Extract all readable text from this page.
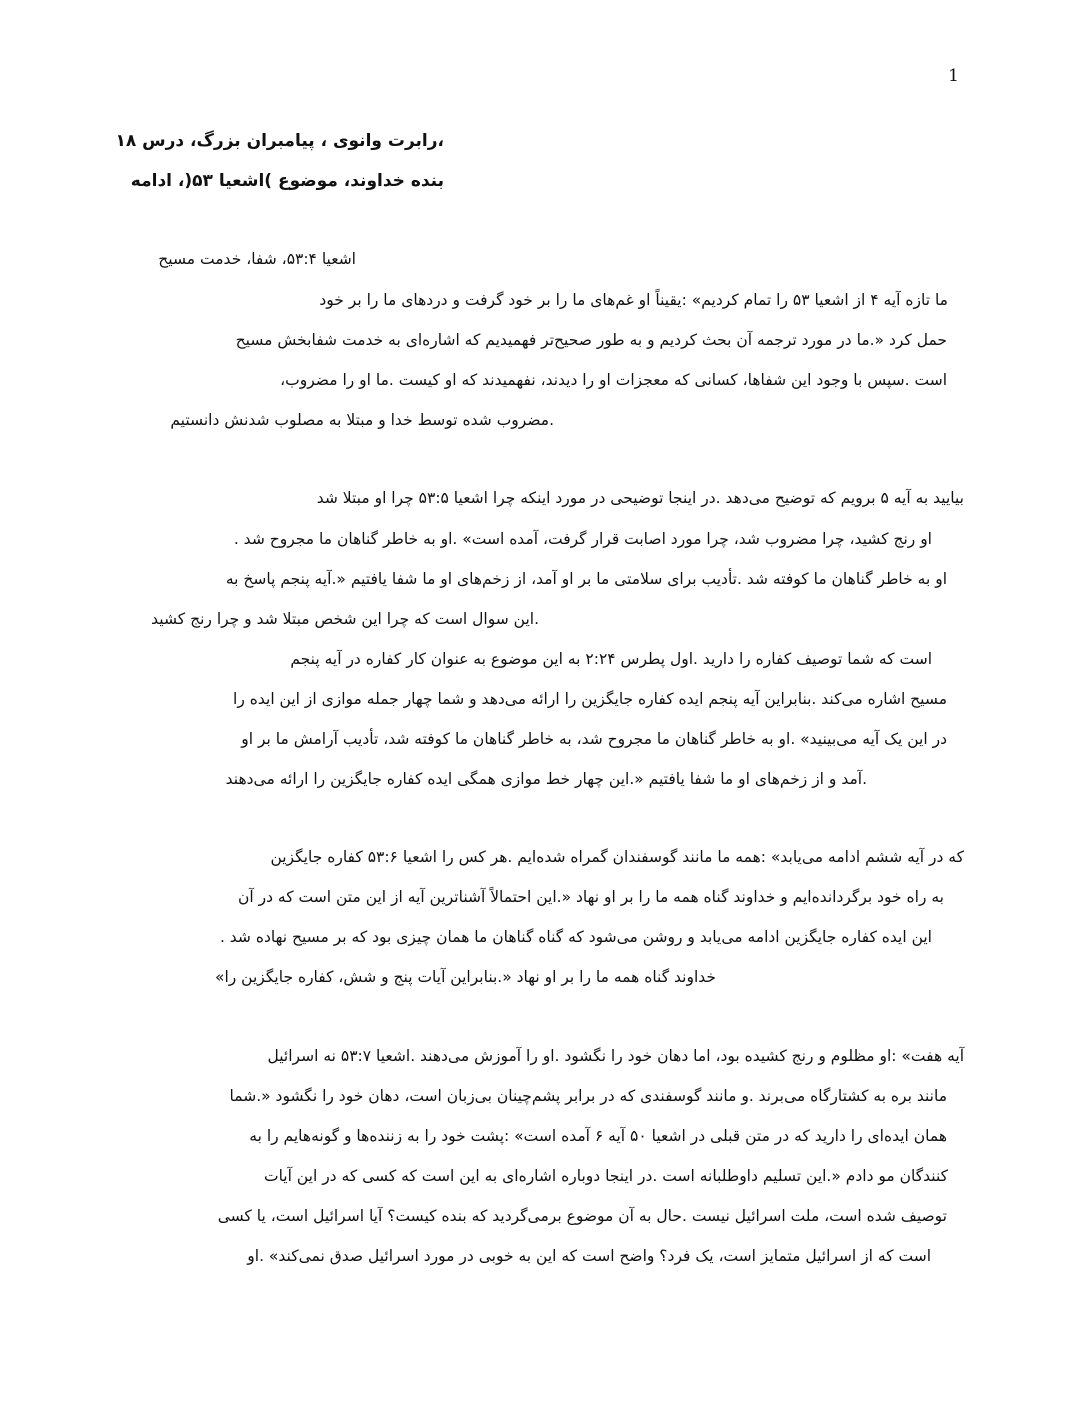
1

،رابرت وانوی ، پیامبران بزرگ، درس ۱۸

بنده خداوند، موضوع )اشعیا ۵۳(، ادامه

اشعیا ۵۳:۴، شفا، خدمت مسیح

ما تازه آیه ۴ از اشعیا ۵۳ را تمام کردیم» :یقیناً او غم‌های ما را بر خود گرفت و دردهای ما را بر خود

حمل کرد «.ما در مورد ترجمه آن بحث کردیم و به طور صحیح‌تر فهمیدیم که اشاره‌ای به خدمت شفابخش مسیح

است .سپس با وجود این شفاها، کسانی که معجزات او را دیدند، نفهمیدند که او کیست .ما او را مضروب،

.مضروب شده توسط خدا و مبتلا به مصلوب شدنش دانستیم

بیایید به آیه ۵ برویم که توضیح می‌دهد .در اینجا توضیحی در مورد اینکه چرا اشعیا ۵۳:۵ چرا او مبتلا شد

او رنج کشید، چرا مضروب شد، چرا مورد اصابت قرار گرفت، آمده است» .او به خاطر گناهان ما مجروح شد .

او به خاطر گناهان ما کوفته شد .تأدیب برای سلامتی ما بر او آمد، از زخم‌های او ما شفا یافتیم «.آیه پنجم پاسخ به

.این سوال است که چرا این شخص مبتلا شد و چرا رنج کشید

است که شما توصیف کفاره را دارید .اول پطرس ۲:۲۴ به این موضوع به عنوان کار کفاره در آیه پنجم

مسیح اشاره می‌کند .بنابراین آیه پنجم ایده کفاره جایگزین را ارائه می‌دهد و شما چهار جمله موازی از این ایده را

در این یک آیه می‌بینید» .او به خاطر گناهان ما مجروح شد، به خاطر گناهان ما کوفته شد، تأدیب آرامش ما بر او

.آمد و از زخم‌های او ما شفا یافتیم «.این چهار خط موازی همگی ایده کفاره جایگزین را ارائه می‌دهند

که در آیه ششم ادامه می‌یابد» :همه ما مانند گوسفندان گمراه شده‌ایم .هر کس را اشعیا ۵۳:۶ کفاره جایگزین

به راه خود برگردانده‌ایم و خداوند گناه همه ما را بر او نهاد «.این احتمالاً آشناترین آیه از این متن است که در آن

این ایده کفاره جایگزین ادامه می‌یابد و روشن می‌شود که گناه گناهان ما همان چیزی بود که بر مسیح نهاده شد .

خداوند گناه همه ما را بر او نهاد «.بنابراین آیات پنج و شش، کفاره جایگزین را»

آیه هفت» :او مظلوم و رنج کشیده بود، اما دهان خود را نگشود .او را آموزش می‌دهند .اشعیا ۵۳:۷ نه اسرائیل

مانند بره به کشتارگاه می‌برند .و مانند گوسفندی که در برابر پشم‌چینان بی‌زبان است، دهان خود را نگشود «.شما

همان ایده‌ای را دارید که در متن قبلی در اشعیا ۵۰ آیه ۶ آمده است» :پشت خود را به زننده‌ها و گونه‌هایم را به

کنندگان مو دادم «.این تسلیم داوطلبانه است .در اینجا دوباره اشاره‌ای به این است که کسی که در این آیات

توصیف شده است، ملت اسرائیل نیست .حال به آن موضوع برمی‌گردید که بنده کیست؟ آیا اسرائیل است، یا کسی

است که از اسرائیل متمایز است، یک فرد؟ واضح است که این به خوبی در مورد اسرائیل صدق نمی‌کند» .او
